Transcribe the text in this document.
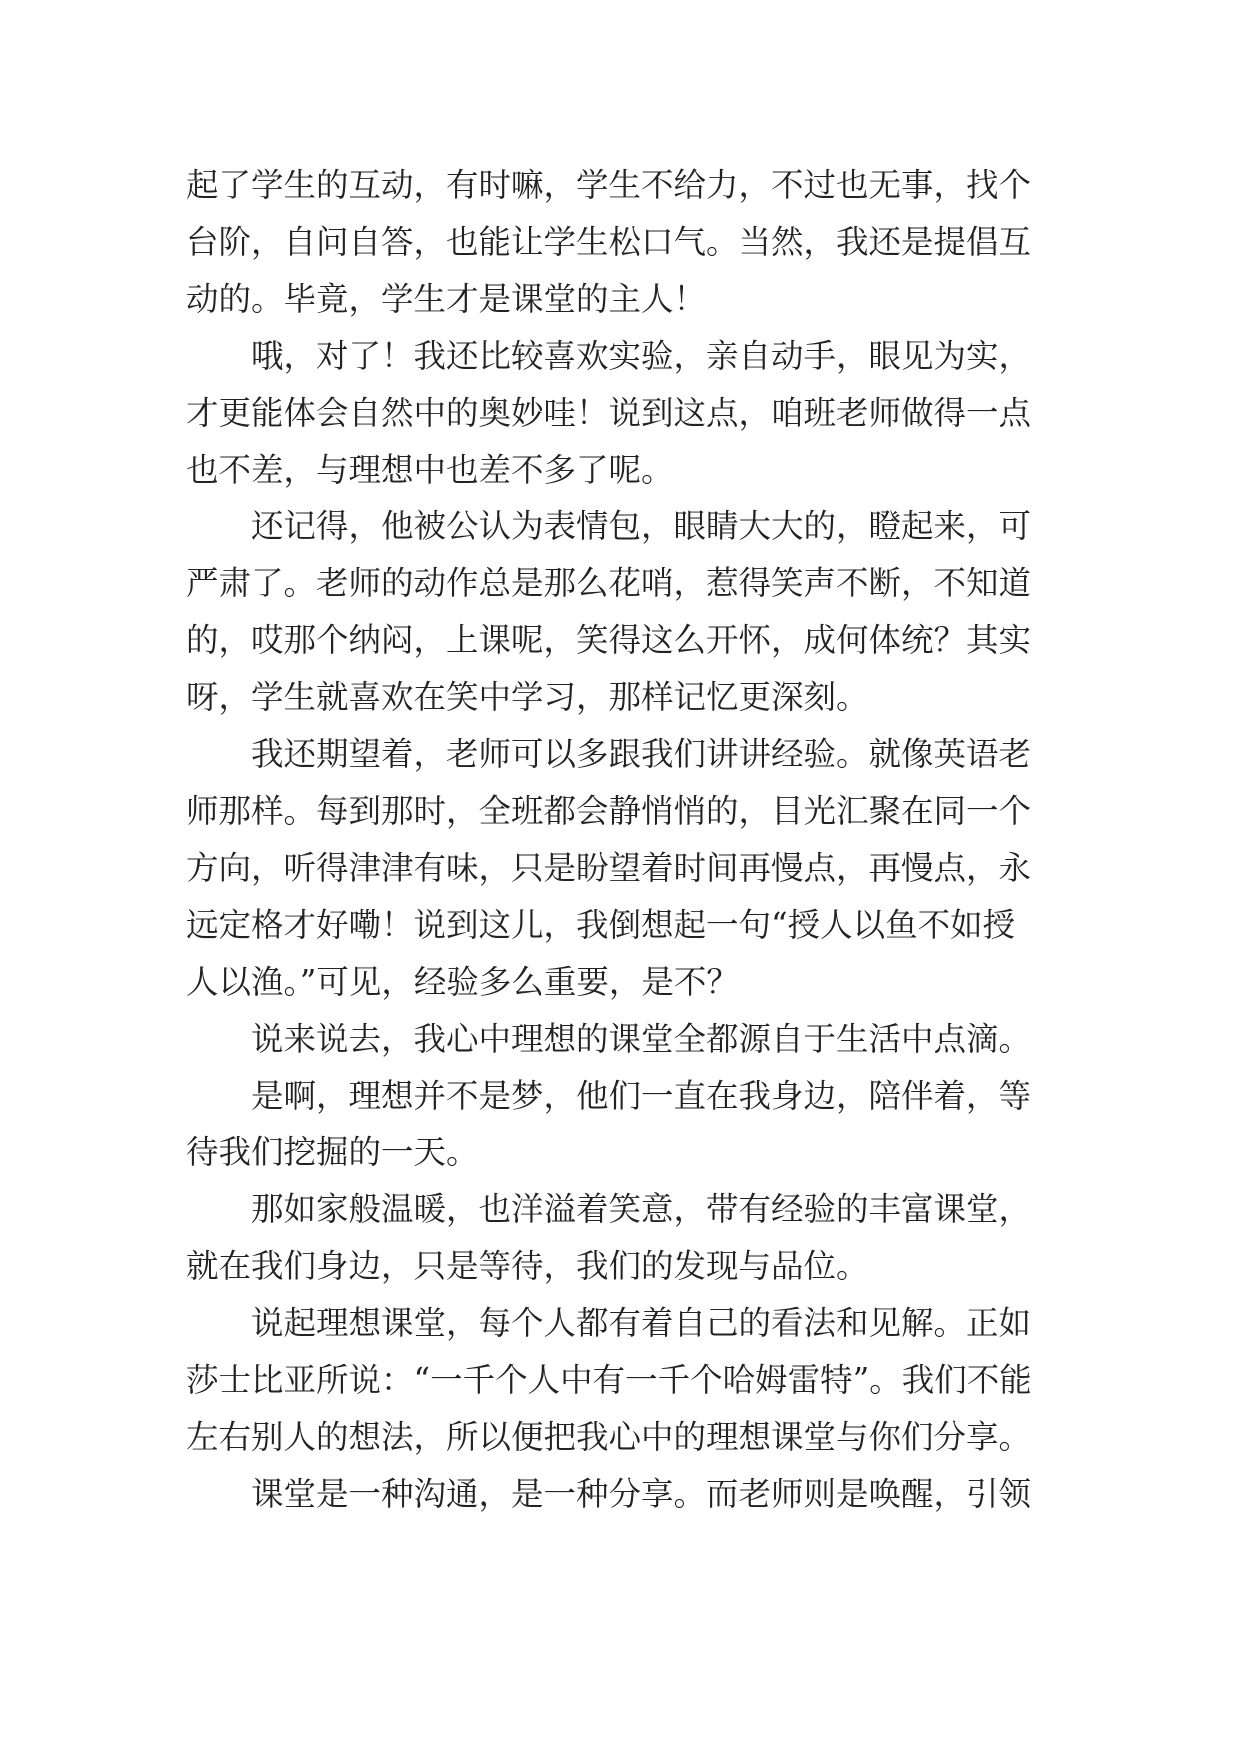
起了学生的互动，有时嘛，学生不给力，不过也无事，找个
台阶，自问自答，也能让学生松口气。当然，我还是提倡互
动的。毕竟，学生才是课堂的主人！

哦，对了！我还比较喜欢实验，亲自动手，眼见为实，
才更能体会自然中的奥妙哇！说到这点，咱班老师做得一点
也不差，与理想中也差不多了呢。

还记得，他被公认为表情包，眼睛大大的，瞪起来，可
严肃了。老师的动作总是那么花哨，惹得笑声不断，不知道
的，哎那个纳闷，上课呢，笑得这么开怀，成何体统？其实
呀，学生就喜欢在笑中学习，那样记忆更深刻。

我还期望着，老师可以多跟我们讲讲经验。就像英语老
师那样。每到那时，全班都会静悄悄的，目光汇聚在同一个
方向，听得津津有味，只是盼望着时间再慢点，再慢点，永
远定格才好嘞！说到这儿，我倒想起一句“授人以鱼不如授
人以渔。”可见，经验多么重要，是不？

说来说去，我心中理想的课堂全都源自于生活中点滴。

是啊，理想并不是梦，他们一直在我身边，陪伴着，等
待我们挖掘的一天。

那如家般温暖，也洋溢着笑意，带有经验的丰富课堂，
就在我们身边，只是等待，我们的发现与品位。

说起理想课堂，每个人都有着自己的看法和见解。正如
莎士比亚所说：“一千个人中有一千个哈姆雷特”。我们不能
左右别人的想法，所以便把我心中的理想课堂与你们分享。

课堂是一种沟通，是一种分享。而老师则是唤醒，引领
